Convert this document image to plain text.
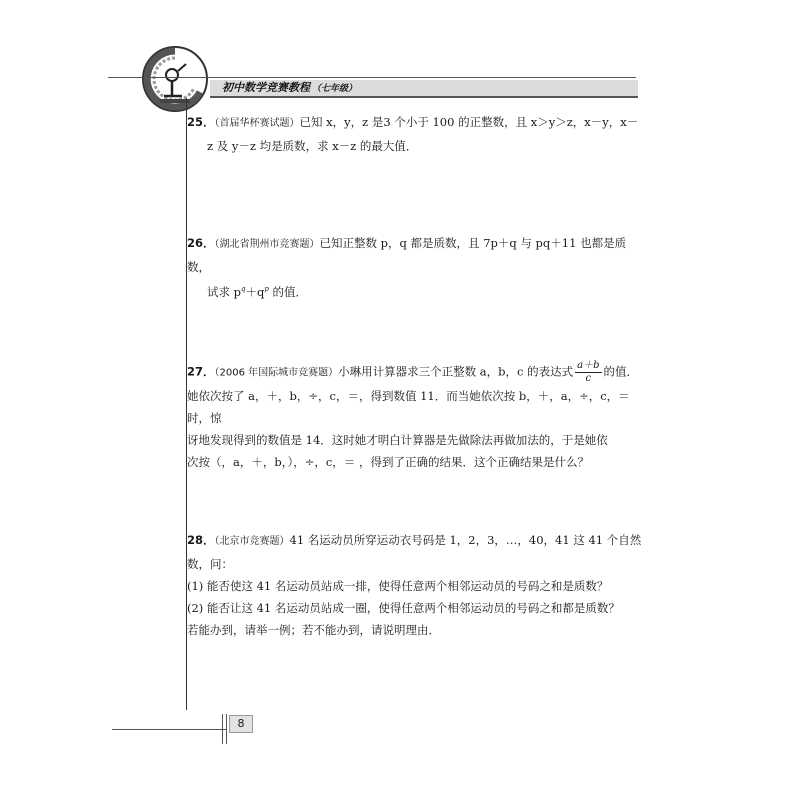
初中数学竞赛教程 （七年级）
25．（首届华杯赛试题）已知 x，y，z 是3 个小于 100 的正整数，且 x＞y＞z，x－y，x－
z 及 y－z 均是质数，求 x－z 的最大值．
26．（湖北省荆州市竞赛题）已知正整数 p，q 都是质数，且 7p＋q 与 pq＋11 也都是质数，
试求 $p^q+q^p$ 的值．
27．（2006 年国际城市竞赛题）小琳用计算器求三个正整数 a，b，c 的表达式 $\frac{a+b}{c}$ 的值．
她依次按了 a，＋，b，÷，c，＝，得到数值 11．而当她依次按 b，＋，a，÷，c，＝ 时，惊
讶地发现得到的数值是 14．这时她才明白计算器是先做除法再做加法的，于是她依
次按（，a，＋，b，），÷，c，＝ ，得到了正确的结果．这个正确结果是什么？
28．（北京市竞赛题）41 名运动员所穿运动衣号码是 1，2，3，…，40，41 这 41 个自然
数，问：
(1) 能否使这 41 名运动员站成一排，使得任意两个相邻运动员的号码之和是质数？
(2) 能否让这 41 名运动员站成一圈，使得任意两个相邻运动员的号码之和都是质数？
若能办到，请举一例；若不能办到，请说明理由．
8
